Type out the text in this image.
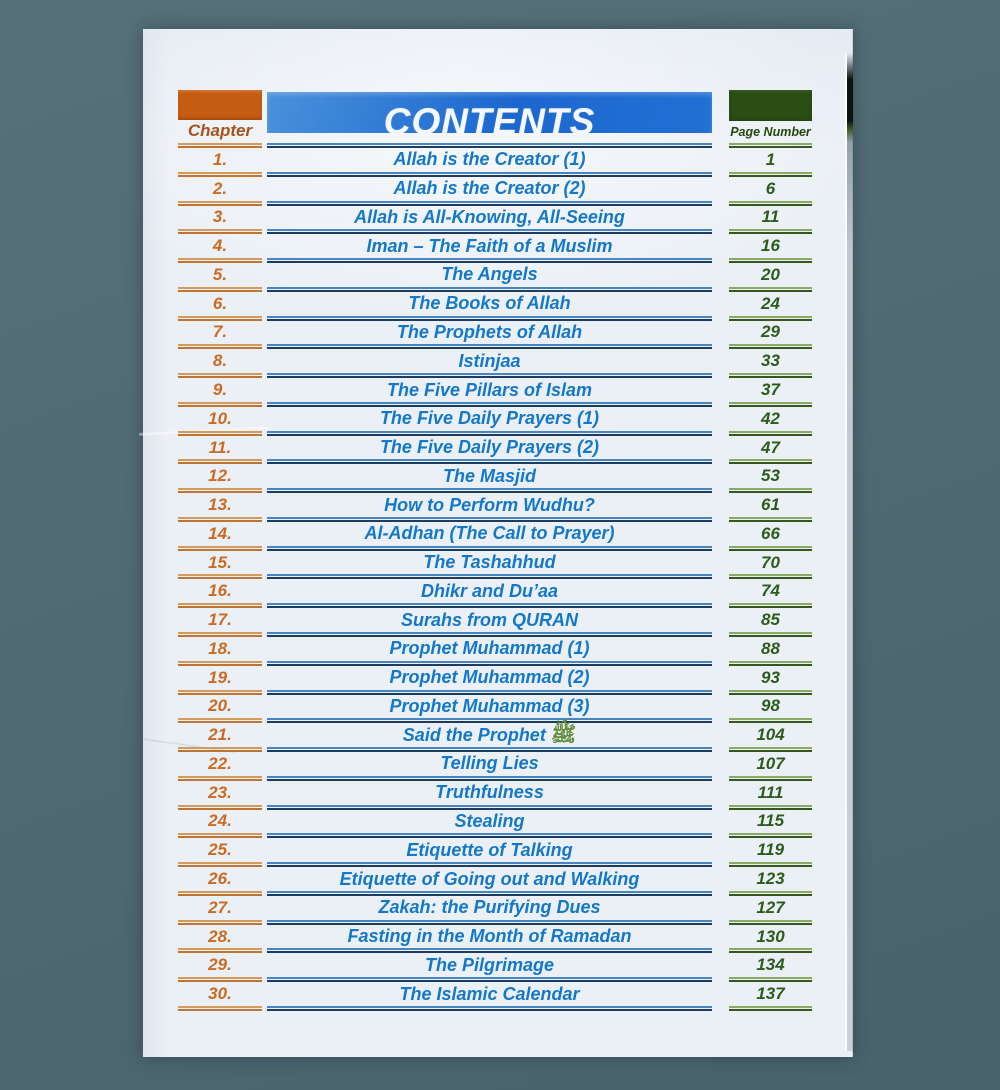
CONTENTS
Chapter	Page Number
1.	Allah is the Creator (1)	1
2.	Allah is the Creator (2)	6
3.	Allah is All-Knowing, All-Seeing	11
4.	Iman – The Faith of a Muslim	16
5.	The Angels	20
6.	The Books of Allah	24
7.	The Prophets of Allah	29
8.	Istinjaa	33
9.	The Five Pillars of Islam	37
10.	The Five Daily Prayers (1)	42
11.	The Five Daily Prayers (2)	47
12.	The Masjid	53
13.	How to Perform Wudhu?	61
14.	Al-Adhan (The Call to Prayer)	66
15.	The Tashahhud	70
16.	Dhikr and Du’aa	74
17.	Surahs from QURAN	85
18.	Prophet Muhammad (1)	88
19.	Prophet Muhammad (2)	93
20.	Prophet Muhammad (3)	98
21.	Said the Prophet ﷺ	104
22.	Telling Lies	107
23.	Truthfulness	111
24.	Stealing	115
25.	Etiquette of Talking	119
26.	Etiquette of Going out and Walking	123
27.	Zakah: the Purifying Dues	127
28.	Fasting in the Month of Ramadan	130
29.	The Pilgrimage	134
30.	The Islamic Calendar	137
